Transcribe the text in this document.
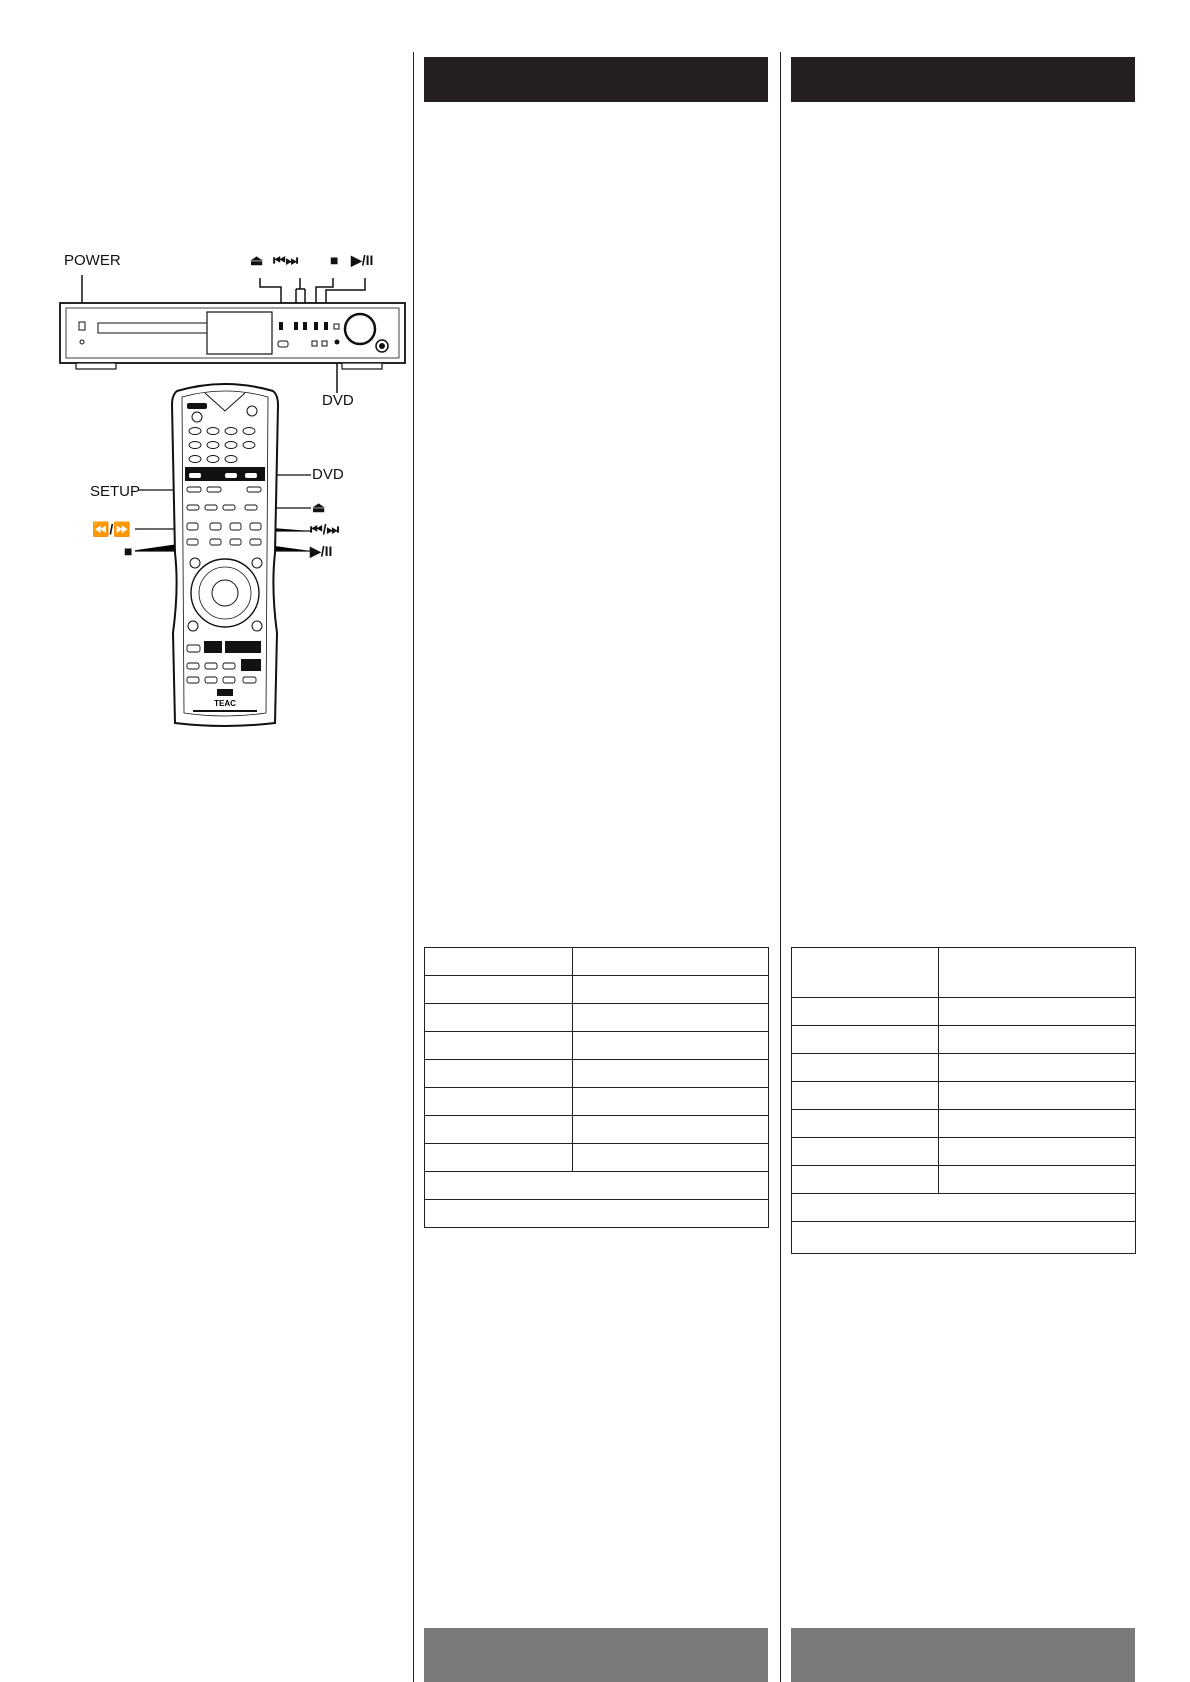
POWER	⏏ ⏮⏭ ■ ▶/II
DVD
DVD
SETUP
⏏
⏪/⏩	⏮/⏭
■	▶/II
TEAC
